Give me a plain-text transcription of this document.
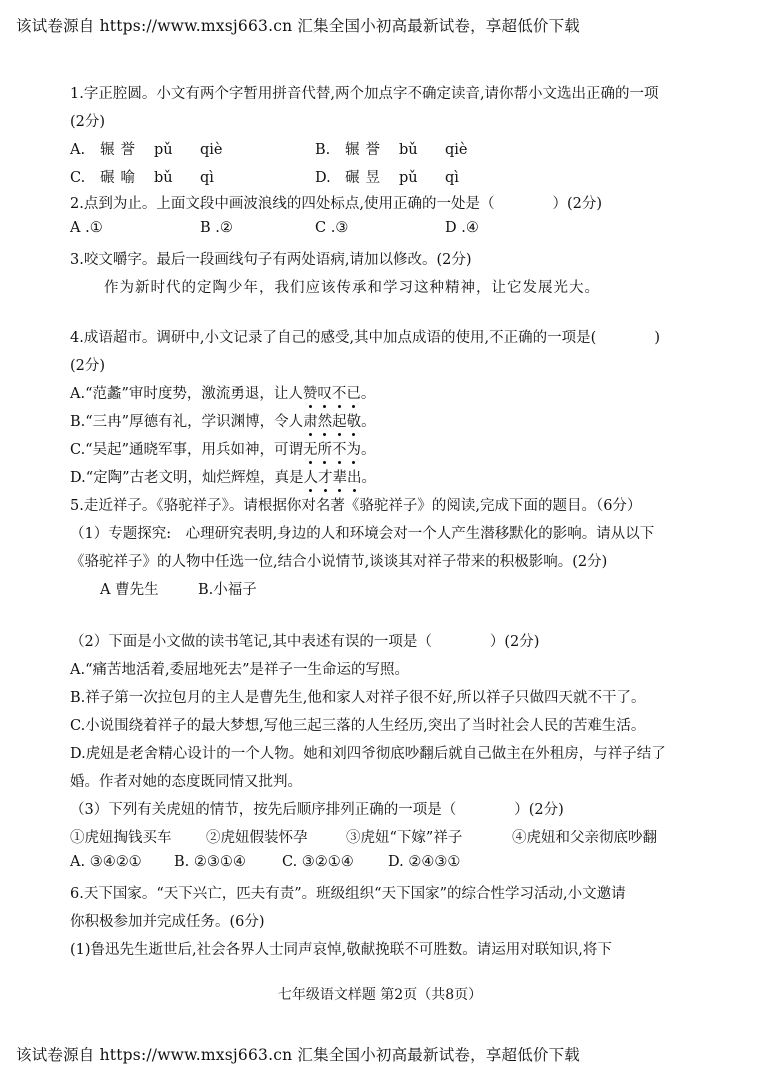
该试卷源自 https://www.mxsj663.cn 汇集全国小初高最新试卷，享超低价下载
1.字正腔圆。小文有两个字暂用拼音代替,两个加点字不确定读音,请你帮小文选出正确的一项
(2分)
A. 辗誉 pǔ qiè	B. 辗誉 bǔ qiè
C. 碾喻 bǔ qì	D. 碾昱 pǔ qì
2.点到为止。上面文段中画波浪线的四处标点,使用正确的一处是（　　　　）(2分)
A .①	B .②	C .③	D .④
3.咬文嚼字。最后一段画线句子有两处语病,请加以修改。(2分)
作为新时代的定陶少年，我们应该传承和学习这种精神，让它发展光大。
4.成语超市。调研中,小文记录了自己的感受,其中加点成语的使用,不正确的一项是(　　　　)
(2分)
A.“范蠡”审时度势，激流勇退，让人赞叹不已。
B.“三冉”厚德有礼，学识渊博，令人肃然起敬。
C.“吴起”通晓军事，用兵如神，可谓无所不为。
D.“定陶”古老文明，灿烂辉煌，真是人才辈出。
5.走近祥子。《骆驼祥子》。请根据你对名著《骆驼祥子》的阅读,完成下面的题目。（6分）
（1）专题探究:　心理研究表明,身边的人和环境会对一个人产生潜移默化的影响。请从以下
《骆驼祥子》的人物中任选一位,结合小说情节,谈谈其对祥子带来的积极影响。(2分)
A 曹先生	B.小福子
（2）下面是小文做的读书笔记,其中表述有误的一项是（　　　　）(2分)
A.“痛苦地活着,委屈地死去”是祥子一生命运的写照。
B.祥子第一次拉包月的主人是曹先生,他和家人对祥子很不好,所以祥子只做四天就不干了。
C.小说围绕着祥子的最大梦想,写他三起三落的人生经历,突出了当时社会人民的苦难生活。
D.虎妞是老舍精心设计的一个人物。她和刘四爷彻底吵翻后就自己做主在外租房，与祥子结了
婚。作者对她的态度既同情又批判。
（3）下列有关虎妞的情节，按先后顺序排列正确的一项是（　　　　）(2分)
①虎妞掏钱买车 ②虎妞假装怀孕	③虎妞“下嫁”祥子	④虎妞和父亲彻底吵翻
A. ③④②① B. ②③①④ C. ③②①④ D. ②④③①
6.天下国家。“天下兴亡，匹夫有责”。班级组织“天下国家”的综合性学习活动,小文邀请
你积极参加并完成任务。(6分)
(1)鲁迅先生逝世后,社会各界人士同声哀悼,敬献挽联不可胜数。请运用对联知识,将下
七年级语文样题 第2页（共8页）
该试卷源自 https://www.mxsj663.cn 汇集全国小初高最新试卷，享超低价下载
